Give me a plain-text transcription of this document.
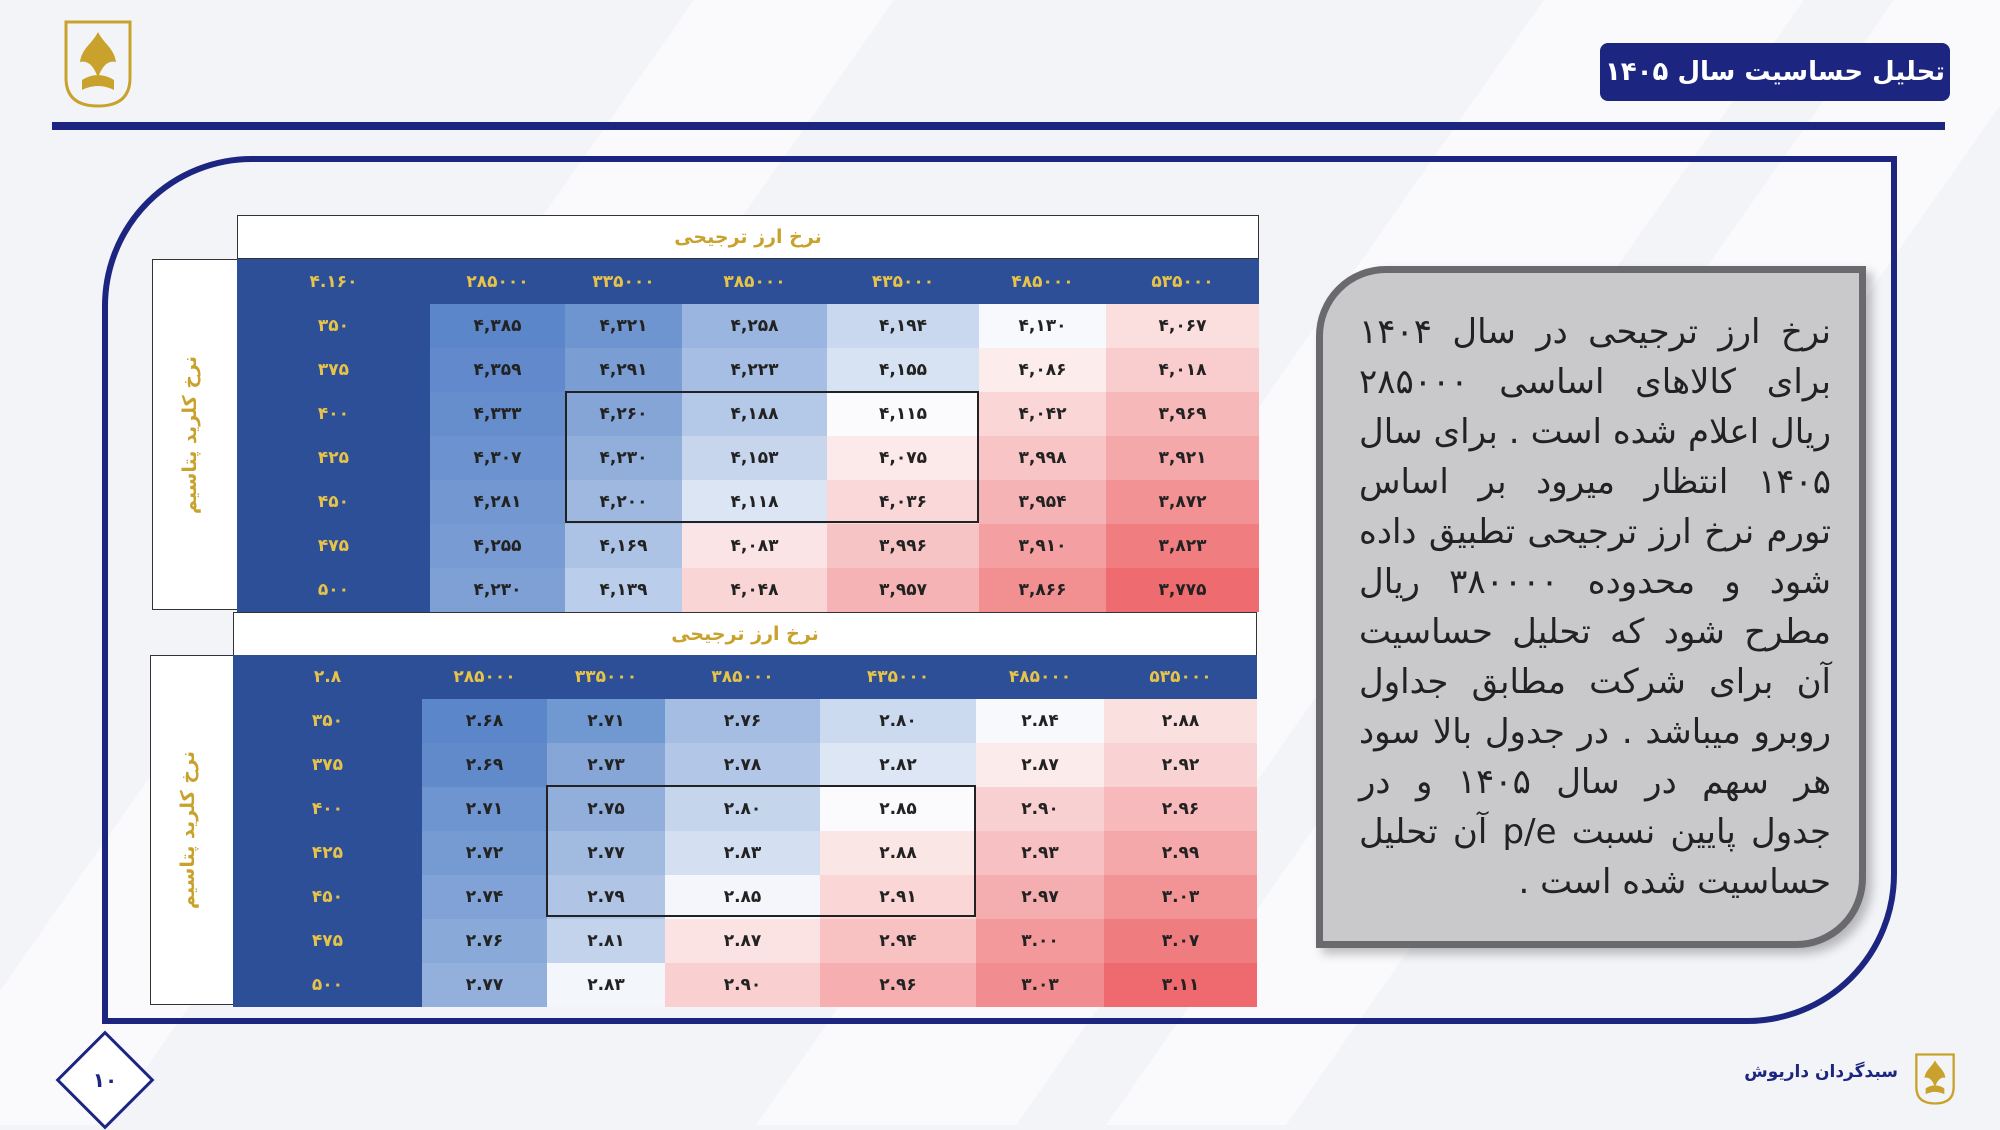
تحلیل حساسیت سال ۱۴۰۵
نرخ ارز ترجیحی
نرخ کلرید پتاسیم
۴.۱۶۰	۲۸۵۰۰۰	۳۳۵۰۰۰	۳۸۵۰۰۰	۴۳۵۰۰۰	۴۸۵۰۰۰	۵۳۵۰۰۰
۳۵۰	۴,۳۸۵	۴,۳۲۱	۴,۲۵۸	۴,۱۹۴	۴,۱۳۰	۴,۰۶۷
۳۷۵	۴,۳۵۹	۴,۲۹۱	۴,۲۲۳	۴,۱۵۵	۴,۰۸۶	۴,۰۱۸
۴۰۰	۴,۳۳۳	۴,۲۶۰	۴,۱۸۸	۴,۱۱۵	۴,۰۴۲	۳,۹۶۹
۴۲۵	۴,۳۰۷	۴,۲۳۰	۴,۱۵۳	۴,۰۷۵	۳,۹۹۸	۳,۹۲۱
۴۵۰	۴,۲۸۱	۴,۲۰۰	۴,۱۱۸	۴,۰۳۶	۳,۹۵۴	۳,۸۷۲
۴۷۵	۴,۲۵۵	۴,۱۶۹	۴,۰۸۳	۳,۹۹۶	۳,۹۱۰	۳,۸۲۳
۵۰۰	۴,۲۳۰	۴,۱۳۹	۴,۰۴۸	۳,۹۵۷	۳,۸۶۶	۳,۷۷۵
نرخ ارز ترجیحی
نرخ کلرید پتاسیم
۲.۸	۲۸۵۰۰۰	۳۳۵۰۰۰	۳۸۵۰۰۰	۴۳۵۰۰۰	۴۸۵۰۰۰	۵۳۵۰۰۰
۳۵۰	۲.۶۸	۲.۷۱	۲.۷۶	۲.۸۰	۲.۸۴	۲.۸۸
۳۷۵	۲.۶۹	۲.۷۳	۲.۷۸	۲.۸۲	۲.۸۷	۲.۹۲
۴۰۰	۲.۷۱	۲.۷۵	۲.۸۰	۲.۸۵	۲.۹۰	۲.۹۶
۴۲۵	۲.۷۲	۲.۷۷	۲.۸۳	۲.۸۸	۲.۹۳	۲.۹۹
۴۵۰	۲.۷۴	۲.۷۹	۲.۸۵	۲.۹۱	۲.۹۷	۳.۰۳
۴۷۵	۲.۷۶	۲.۸۱	۲.۸۷	۲.۹۴	۳.۰۰	۳.۰۷
۵۰۰	۲.۷۷	۲.۸۳	۲.۹۰	۲.۹۶	۳.۰۳	۳.۱۱
نرخ ارز ترجیحی در سال ۱۴۰۴ برای کالاهای اساسی ۲۸۵۰۰۰ ریال اعلام شده است . برای سال ۱۴۰۵ انتظار میرود بر اساس تورم نرخ ارز ترجیحی تطبیق داده شود و محدوده ۳۸۰۰۰۰ ریال مطرح شود که تحلیل حساسیت آن برای شرکت مطابق جداول روبرو میباشد . در جدول بالا سود هر سهم در سال ۱۴۰۵ و در جدول پایین نسبت p/e آن تحلیل حساسیت شده است .
۱۰	سبدگردان داریوش
